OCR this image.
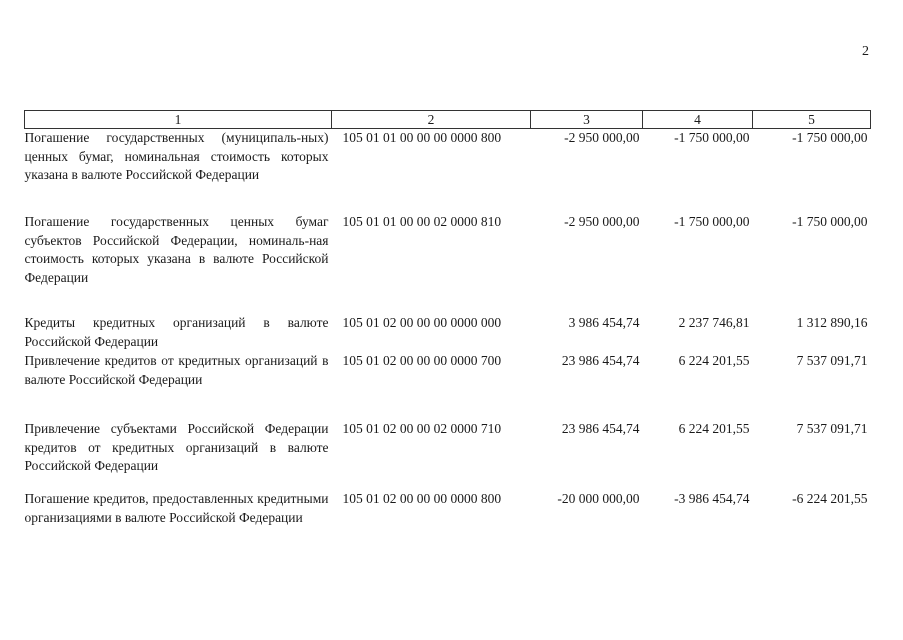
2
1	2	3	4	5
Погашение государственных (муниципаль-ных) ценных бумаг, номинальная стоимость которых указана в валюте Российской Федерации	105 01 01 00 00 00 0000 800	-2 950 000,00	-1 750 000,00	-1 750 000,00
Погашение государственных ценных бумаг субъектов Российской Федерации, номиналь-ная стоимость которых указана в валюте Российской Федерации	105 01 01 00 00 02 0000 810	-2 950 000,00	-1 750 000,00	-1 750 000,00
Кредиты кредитных организаций в валюте Российской Федерации	105 01 02 00 00 00 0000 000	3 986 454,74	2 237 746,81	1 312 890,16
Привлечение кредитов от кредитных организаций в валюте Российской Федерации	105 01 02 00 00 00 0000 700	23 986 454,74	6 224 201,55	7 537 091,71
Привлечение субъектами Российской Федерации кредитов от кредитных организаций в валюте Российской Федерации	105 01 02 00 00 02 0000 710	23 986 454,74	6 224 201,55	7 537 091,71
Погашение кредитов, предоставленных кредитными организациями в валюте Российской Федерации	105 01 02 00 00 00 0000 800	-20 000 000,00	-3 986 454,74	-6 224 201,55
